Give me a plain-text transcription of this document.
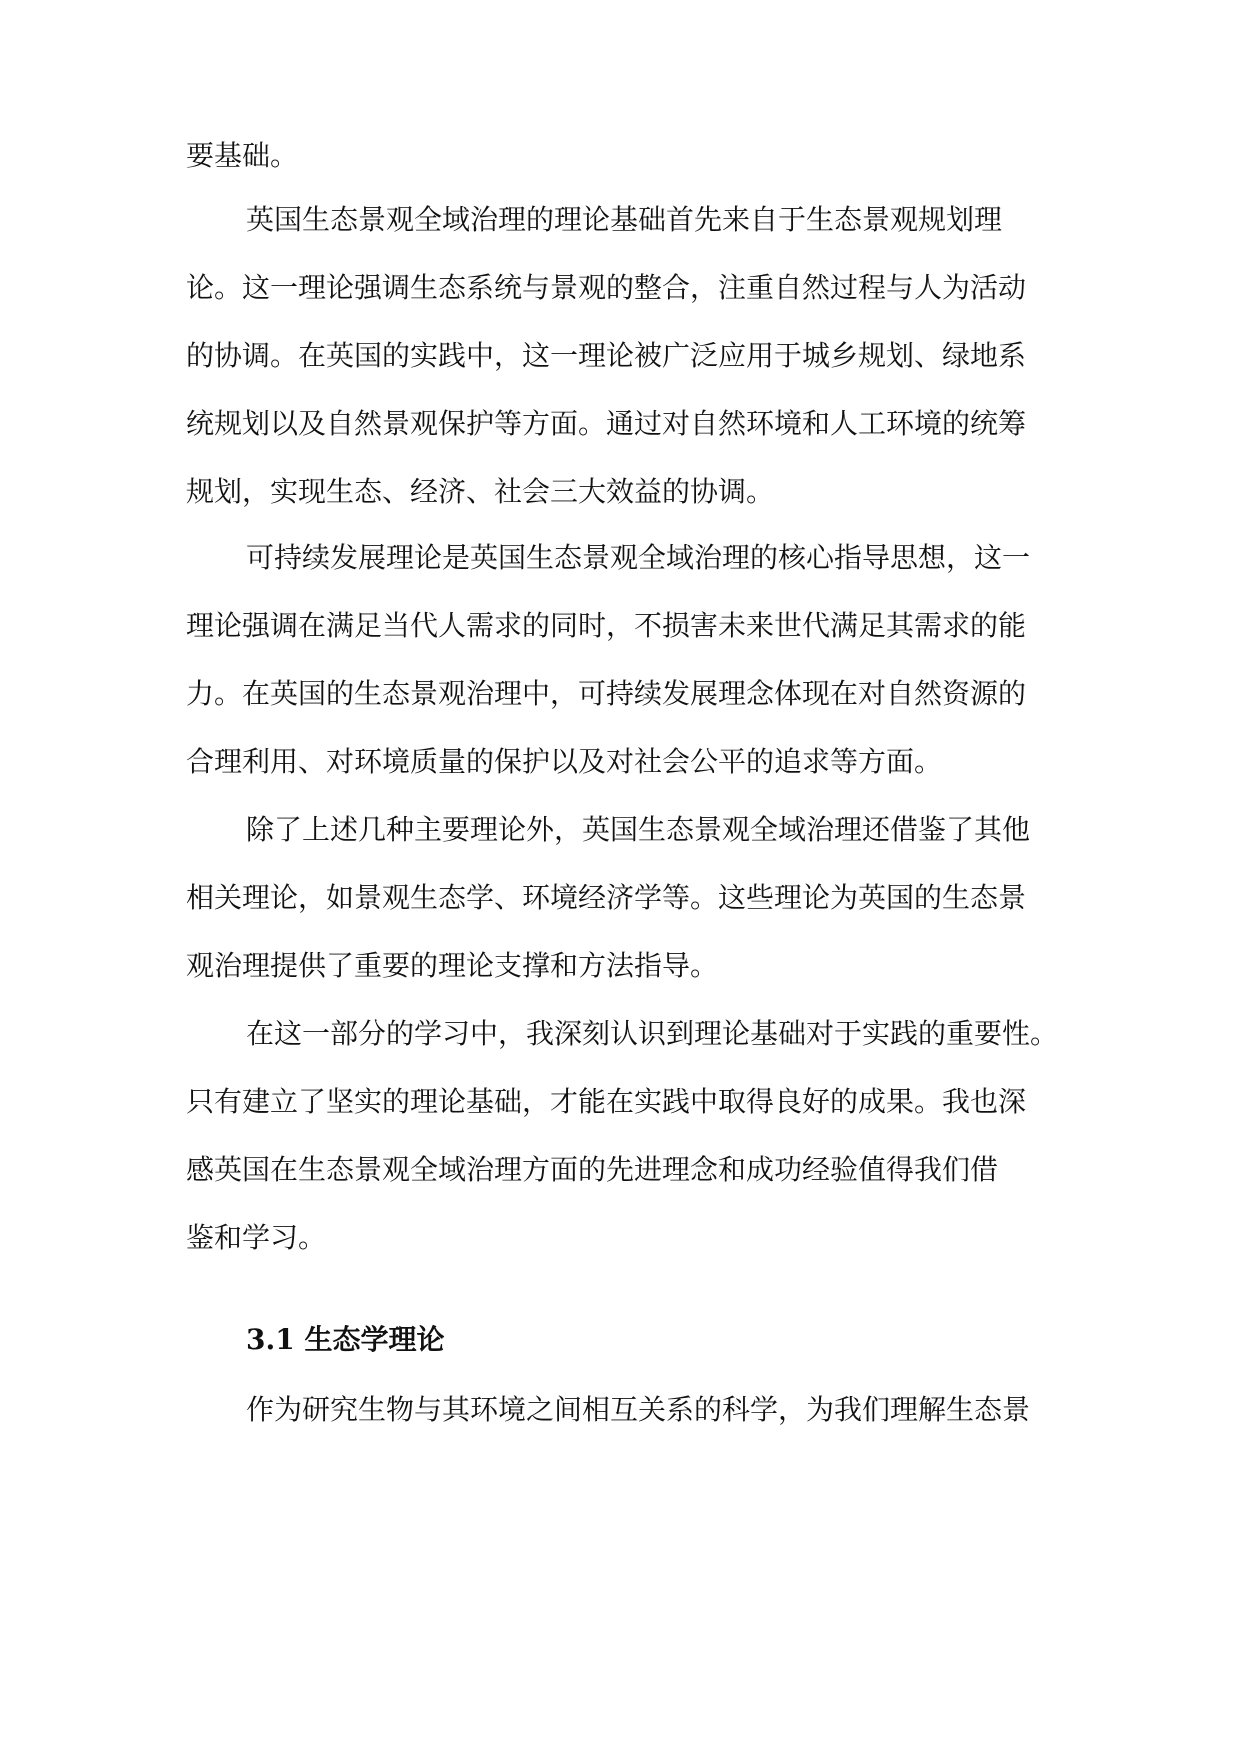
要基础。
英国生态景观全域治理的理论基础首先来自于生态景观规划理
论。这一理论强调生态系统与景观的整合，注重自然过程与人为活动
的协调。在英国的实践中，这一理论被广泛应用于城乡规划、绿地系
统规划以及自然景观保护等方面。通过对自然环境和人工环境的统筹
规划，实现生态、经济、社会三大效益的协调。
可持续发展理论是英国生态景观全域治理的核心指导思想，这一
理论强调在满足当代人需求的同时，不损害未来世代满足其需求的能
力。在英国的生态景观治理中，可持续发展理念体现在对自然资源的
合理利用、对环境质量的保护以及对社会公平的追求等方面。
除了上述几种主要理论外，英国生态景观全域治理还借鉴了其他
相关理论，如景观生态学、环境经济学等。这些理论为英国的生态景
观治理提供了重要的理论支撑和方法指导。
在这一部分的学习中，我深刻认识到理论基础对于实践的重要性。
只有建立了坚实的理论基础，才能在实践中取得良好的成果。我也深
感英国在生态景观全域治理方面的先进理念和成功经验值得我们借
鉴和学习。
3.1 生态学理论
作为研究生物与其环境之间相互关系的科学，为我们理解生态景
